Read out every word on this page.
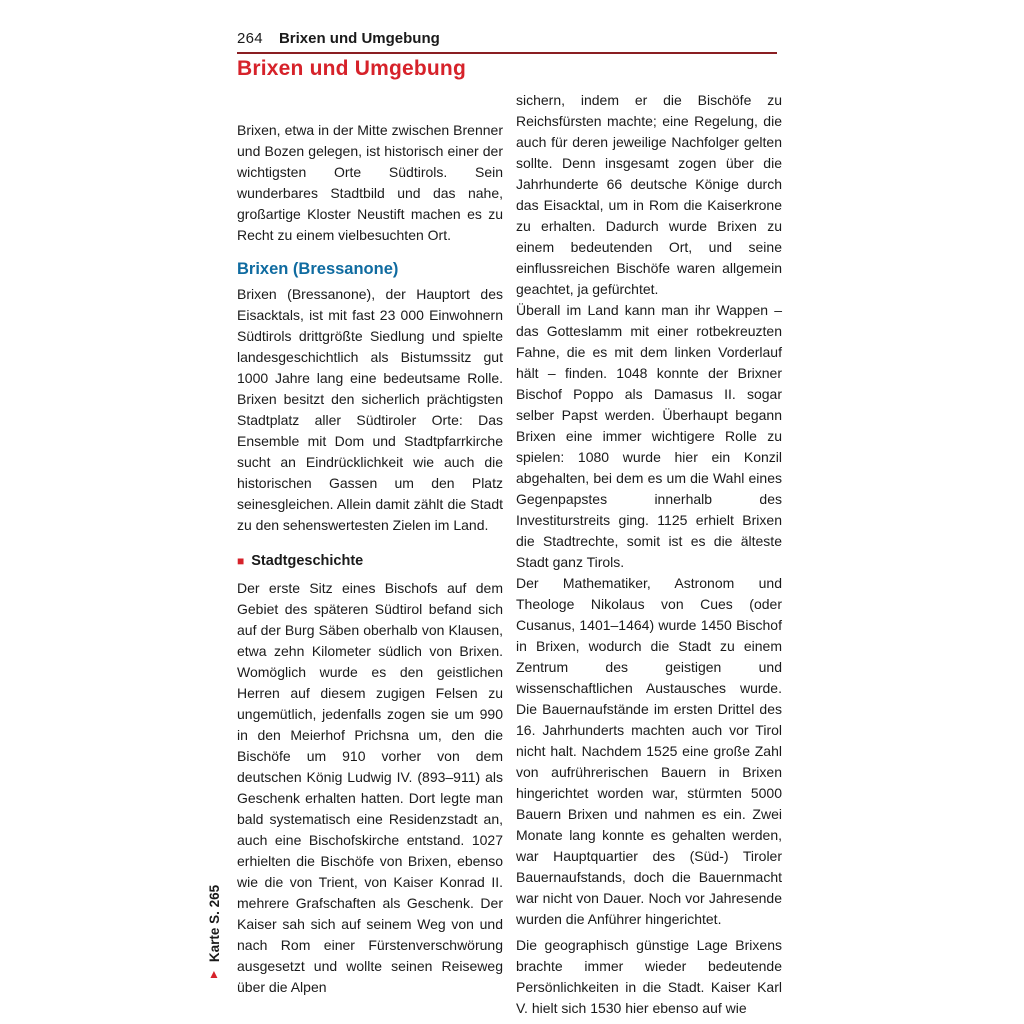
264 Brixen und Umgebung
Brixen und Umgebung

Brixen, etwa in der Mitte zwischen Brenner und Bozen gelegen, ist historisch einer der wichtigsten Orte Südtirols. Sein wunderbares Stadtbild und das nahe, großartige Kloster Neustift machen es zu Recht zu einem vielbesuchten Ort.

Brixen (Bressanone)

Brixen (Bressanone), der Hauptort des Eisacktals, ist mit fast 23 000 Einwohnern Südtirols drittgrößte Siedlung und spielte landesgeschichtlich als Bistumssitz gut 1000 Jahre lang eine bedeutsame Rolle. Brixen besitzt den sicherlich prächtigsten Stadtplatz aller Südtiroler Orte: Das Ensemble mit Dom und Stadtpfarrkirche sucht an Eindrücklichkeit wie auch die historischen Gassen um den Platz seinesgleichen. Allein damit zählt die Stadt zu den sehenswertesten Zielen im Land.

■ Stadtgeschichte

Der erste Sitz eines Bischofs auf dem Gebiet des späteren Südtirol befand sich auf der Burg Säben oberhalb von Klausen, etwa zehn Kilometer südlich von Brixen. Womöglich wurde es den geistlichen Herren auf diesem zugigen Felsen zu ungemütlich, jedenfalls zogen sie um 990 in den Meierhof Prichsna um, den die Bischöfe um 910 vorher von dem deutschen König Ludwig IV. (893–911) als Geschenk erhalten hatten. Dort legte man bald systematisch eine Residenzstadt an, auch eine Bischofskirche entstand. 1027 erhielten die Bischöfe von Brixen, ebenso wie die von Trient, von Kaiser Konrad II. mehrere Grafschaften als Geschenk. Der Kaiser sah sich auf seinem Weg von und nach Rom einer Fürstenverschwörung ausgesetzt und wollte seinen Reiseweg über die Alpen

sichern, indem er die Bischöfe zu Reichsfürsten machte; eine Regelung, die auch für deren jeweilige Nachfolger gelten sollte. Denn insgesamt zogen über die Jahrhunderte 66 deutsche Könige durch das Eisacktal, um in Rom die Kaiserkrone zu erhalten. Dadurch wurde Brixen zu einem bedeutenden Ort, und seine einflussreichen Bischöfe waren allgemein geachtet, ja gefürchtet.

Überall im Land kann man ihr Wappen – das Gotteslamm mit einer rotbekreuzten Fahne, die es mit dem linken Vorderlauf hält – finden. 1048 konnte der Brixner Bischof Poppo als Damasus II. sogar selber Papst werden. Überhaupt begann Brixen eine immer wichtigere Rolle zu spielen: 1080 wurde hier ein Konzil abgehalten, bei dem es um die Wahl eines Gegenpapstes innerhalb des Investiturstreits ging. 1125 erhielt Brixen die Stadtrechte, somit ist es die älteste Stadt ganz Tirols.

Der Mathematiker, Astronom und Theologe Nikolaus von Cues (oder Cusanus, 1401–1464) wurde 1450 Bischof in Brixen, wodurch die Stadt zu einem Zentrum des geistigen und wissenschaftlichen Austausches wurde. Die Bauernaufstände im ersten Drittel des 16. Jahrhunderts machten auch vor Tirol nicht halt. Nachdem 1525 eine große Zahl von aufrührerischen Bauern in Brixen hingerichtet worden war, stürmten 5000 Bauern Brixen und nahmen es ein. Zwei Monate lang konnte es gehalten werden, war Hauptquartier des (Süd-) Tiroler Bauernaufstands, doch die Bauernmacht war nicht von Dauer. Noch vor Jahresende wurden die Anführer hingerichtet.

Die geographisch günstige Lage Brixens brachte immer wieder bedeutende Persönlichkeiten in die Stadt. Kaiser Karl V. hielt sich 1530 hier ebenso auf wie

▲
Karte S. 265
